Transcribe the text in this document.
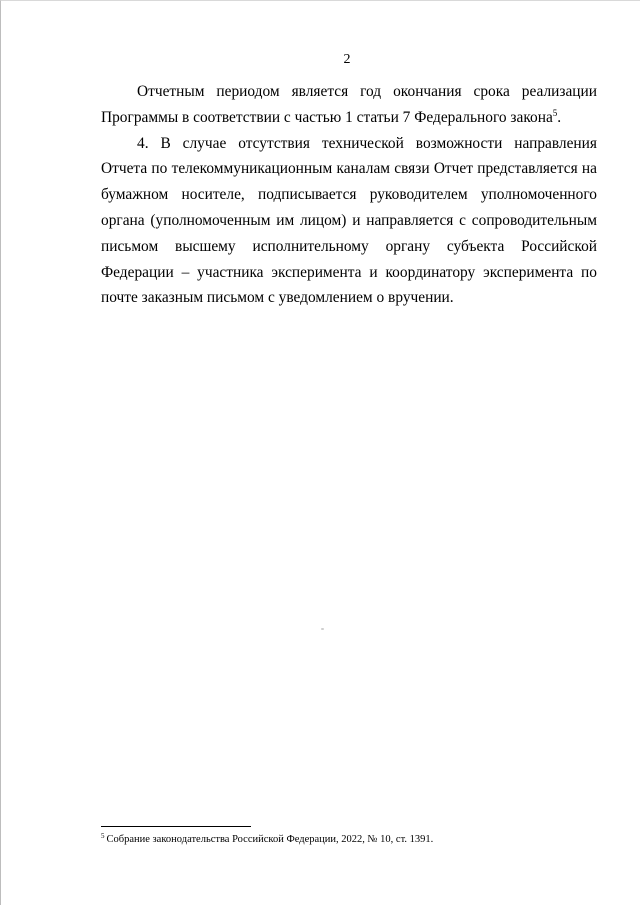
2

Отчетным периодом является год окончания срока реализации Программы в соответствии с частью 1 статьи 7 Федерального закона$^5$.

4. В случае отсутствия технической возможности направления Отчета по телекоммуникационным каналам связи Отчет представляется на бумажном носителе, подписывается руководителем уполномоченного органа (уполномоченным им лицом) и направляется с сопроводительным письмом высшему исполнительному органу субъекта Российской Федерации – участника эксперимента и координатору эксперимента по почте заказным письмом с уведомлением о вручении.

$^5$ Собрание законодательства Российской Федерации, 2022, № 10, ст. 1391.
